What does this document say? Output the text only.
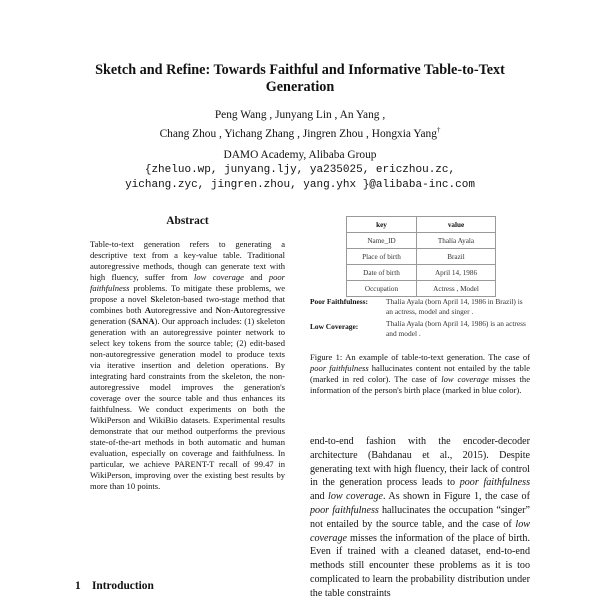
Sketch and Refine: Towards Faithful and Informative Table-to-Text Generation
Peng Wang , Junyang Lin , An Yang ,
Chang Zhou , Yichang Zhang , Jingren Zhou , Hongxia Yang†
DAMO Academy, Alibaba Group
{zheluo.wp, junyang.ljy, ya235025, ericzhou.zc,
yichang.zyc, jingren.zhou, yang.yhx }@alibaba-inc.com
Abstract

Table-to-text generation refers to generating a descriptive text from a key-value table. Traditional autoregressive methods, though can generate text with high fluency, suffer from low coverage and poor faithfulness problems. To mitigate these problems, we propose a novel Skeleton-based two-stage method that combines both Autoregressive and Non-Autoregressive generation (SANA). Our approach includes: (1) skeleton generation with an autoregressive pointer network to select key tokens from the source table; (2) edit-based non-autoregressive generation model to produce texts via iterative insertion and deletion operations. By integrating hard constraints from the skeleton, the non-autoregressive model improves the generation's coverage over the source table and thus enhances its faithfulness. We conduct experiments on both the WikiPerson and WikiBio datasets. Experimental results demonstrate that our method outperforms the previous state-of-the-art methods in both automatic and human evaluation, especially on coverage and faithfulness. In particular, we achieve PARENT-T recall of 99.47 in WikiPerson, improving over the existing best results by more than 10 points.

1 Introduction
key	value
Name_ID	Thalía Ayala
Place of birth	Brazil
Date of birth	April 14, 1986
Occupation	Actress , Model
Poor Faithfulness:	Thalía Ayala (born April 14, 1986 in Brazil) is an actress, model and singer .
Low Coverage:	Thalía Ayala (born April 14, 1986) is an actress and model .
Figure 1: An example of table-to-text generation. The case of poor faithfulness hallucinates content not entailed by the table (marked in red color). The case of low coverage misses the information of the person's birth place (marked in blue color).

end-to-end fashion with the encoder-decoder architecture (Bahdanau et al., 2015). Despite generating text with high fluency, their lack of control in the generation process leads to poor faithfulness and low coverage. As shown in Figure 1, the case of poor faithfulness hallucinates the occupation “singer” not entailed by the source table, and the case of low coverage misses the information of the place of birth. Even if trained with a cleaned dataset, end-to-end methods still encounter these problems as it is too complicated to learn the probability distribution under the table constraints
